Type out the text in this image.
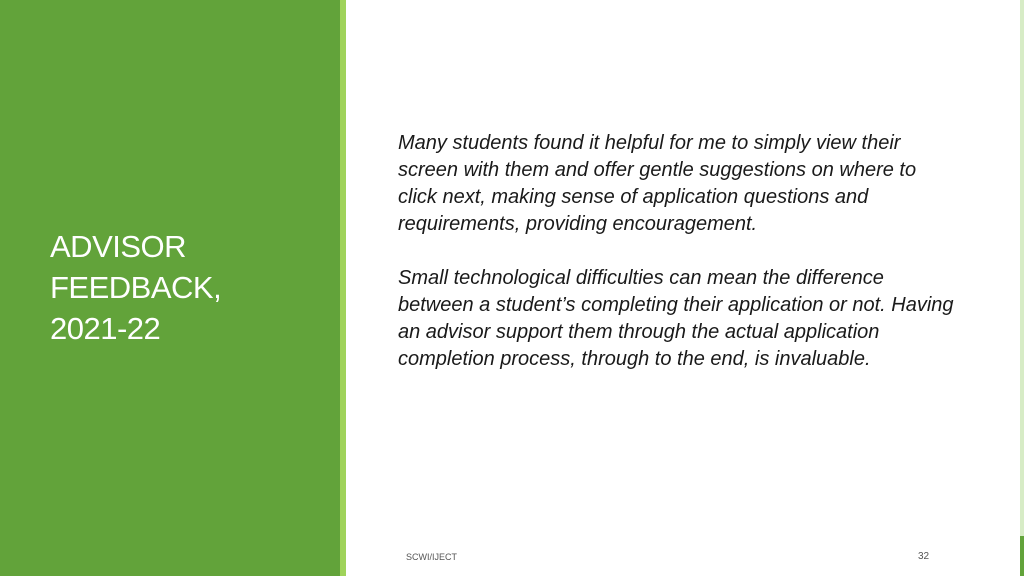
ADVISOR
FEEDBACK,
2021-22

Many students found it helpful for me to simply view their screen with them and offer gentle suggestions on where to click next, making sense of application questions and requirements, providing encouragement.

Small technological difficulties can mean the difference between a student’s completing their application or not. Having an advisor support them through the actual application completion process, through to the end, is invaluable.

SCWI/IJECT	32
